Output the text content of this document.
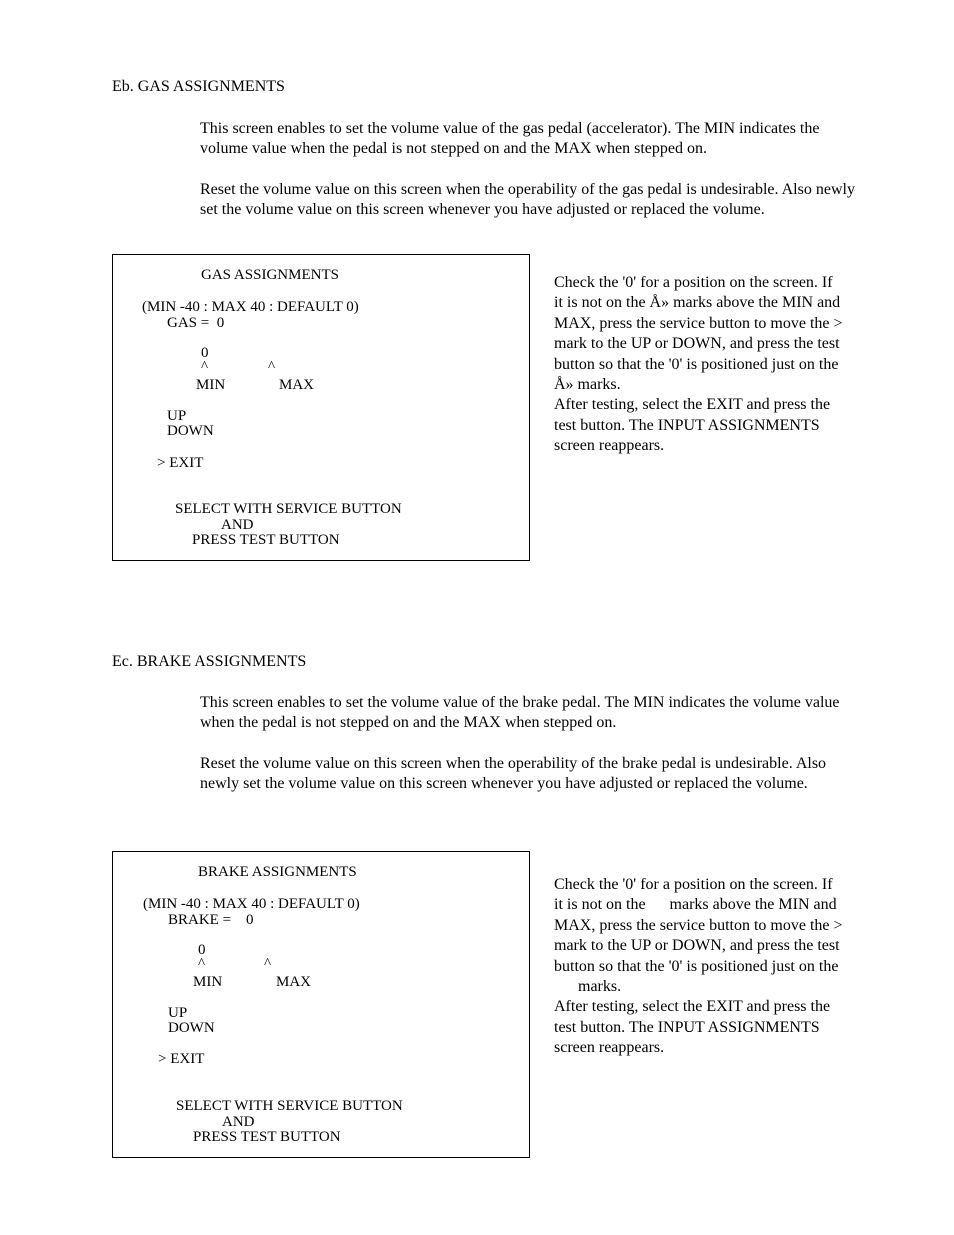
Eb. GAS ASSIGNMENTS
This screen enables to set the volume value of the gas pedal (accelerator). The MIN indicates the volume value when the pedal is not stepped on and the MAX when stepped on.
Reset the volume value on this screen when the operability of the gas pedal is undesirable. Also newly set the volume value on this screen whenever you have adjusted or replaced the volume.
GAS ASSIGNMENTS
(MIN -40 : MAX 40 : DEFAULT 0)
GAS =  0
0
^	^
MIN	MAX
UP
DOWN
> EXIT
SELECT WITH SERVICE BUTTON
AND
PRESS TEST BUTTON
Check the '0' for a position on the screen. If
it is not on the Å» marks above the MIN and
MAX, press the service button to move the >
mark to the UP or DOWN, and press the test
button so that the '0' is positioned just on the
Å» marks.
After testing, select the EXIT and press the
test button. The INPUT ASSIGNMENTS
screen reappears.
Ec. BRAKE ASSIGNMENTS
This screen enables to set the volume value of the brake pedal. The MIN indicates the volume value when the pedal is not stepped on and the MAX when stepped on.
Reset the volume value on this screen when the operability of the brake pedal is undesirable. Also newly set the volume value on this screen whenever you have adjusted or replaced the volume.
BRAKE ASSIGNMENTS
(MIN -40 : MAX 40 : DEFAULT 0)
BRAKE =    0
0
^	^
MIN	MAX
UP
DOWN
> EXIT
SELECT WITH SERVICE BUTTON
AND
PRESS TEST BUTTON
Check the '0' for a position on the screen. If
it is not on the      marks above the MIN and
MAX, press the service button to move the >
mark to the UP or DOWN, and press the test
button so that the '0' is positioned just on the
marks.
After testing, select the EXIT and press the
test button. The INPUT ASSIGNMENTS
screen reappears.
